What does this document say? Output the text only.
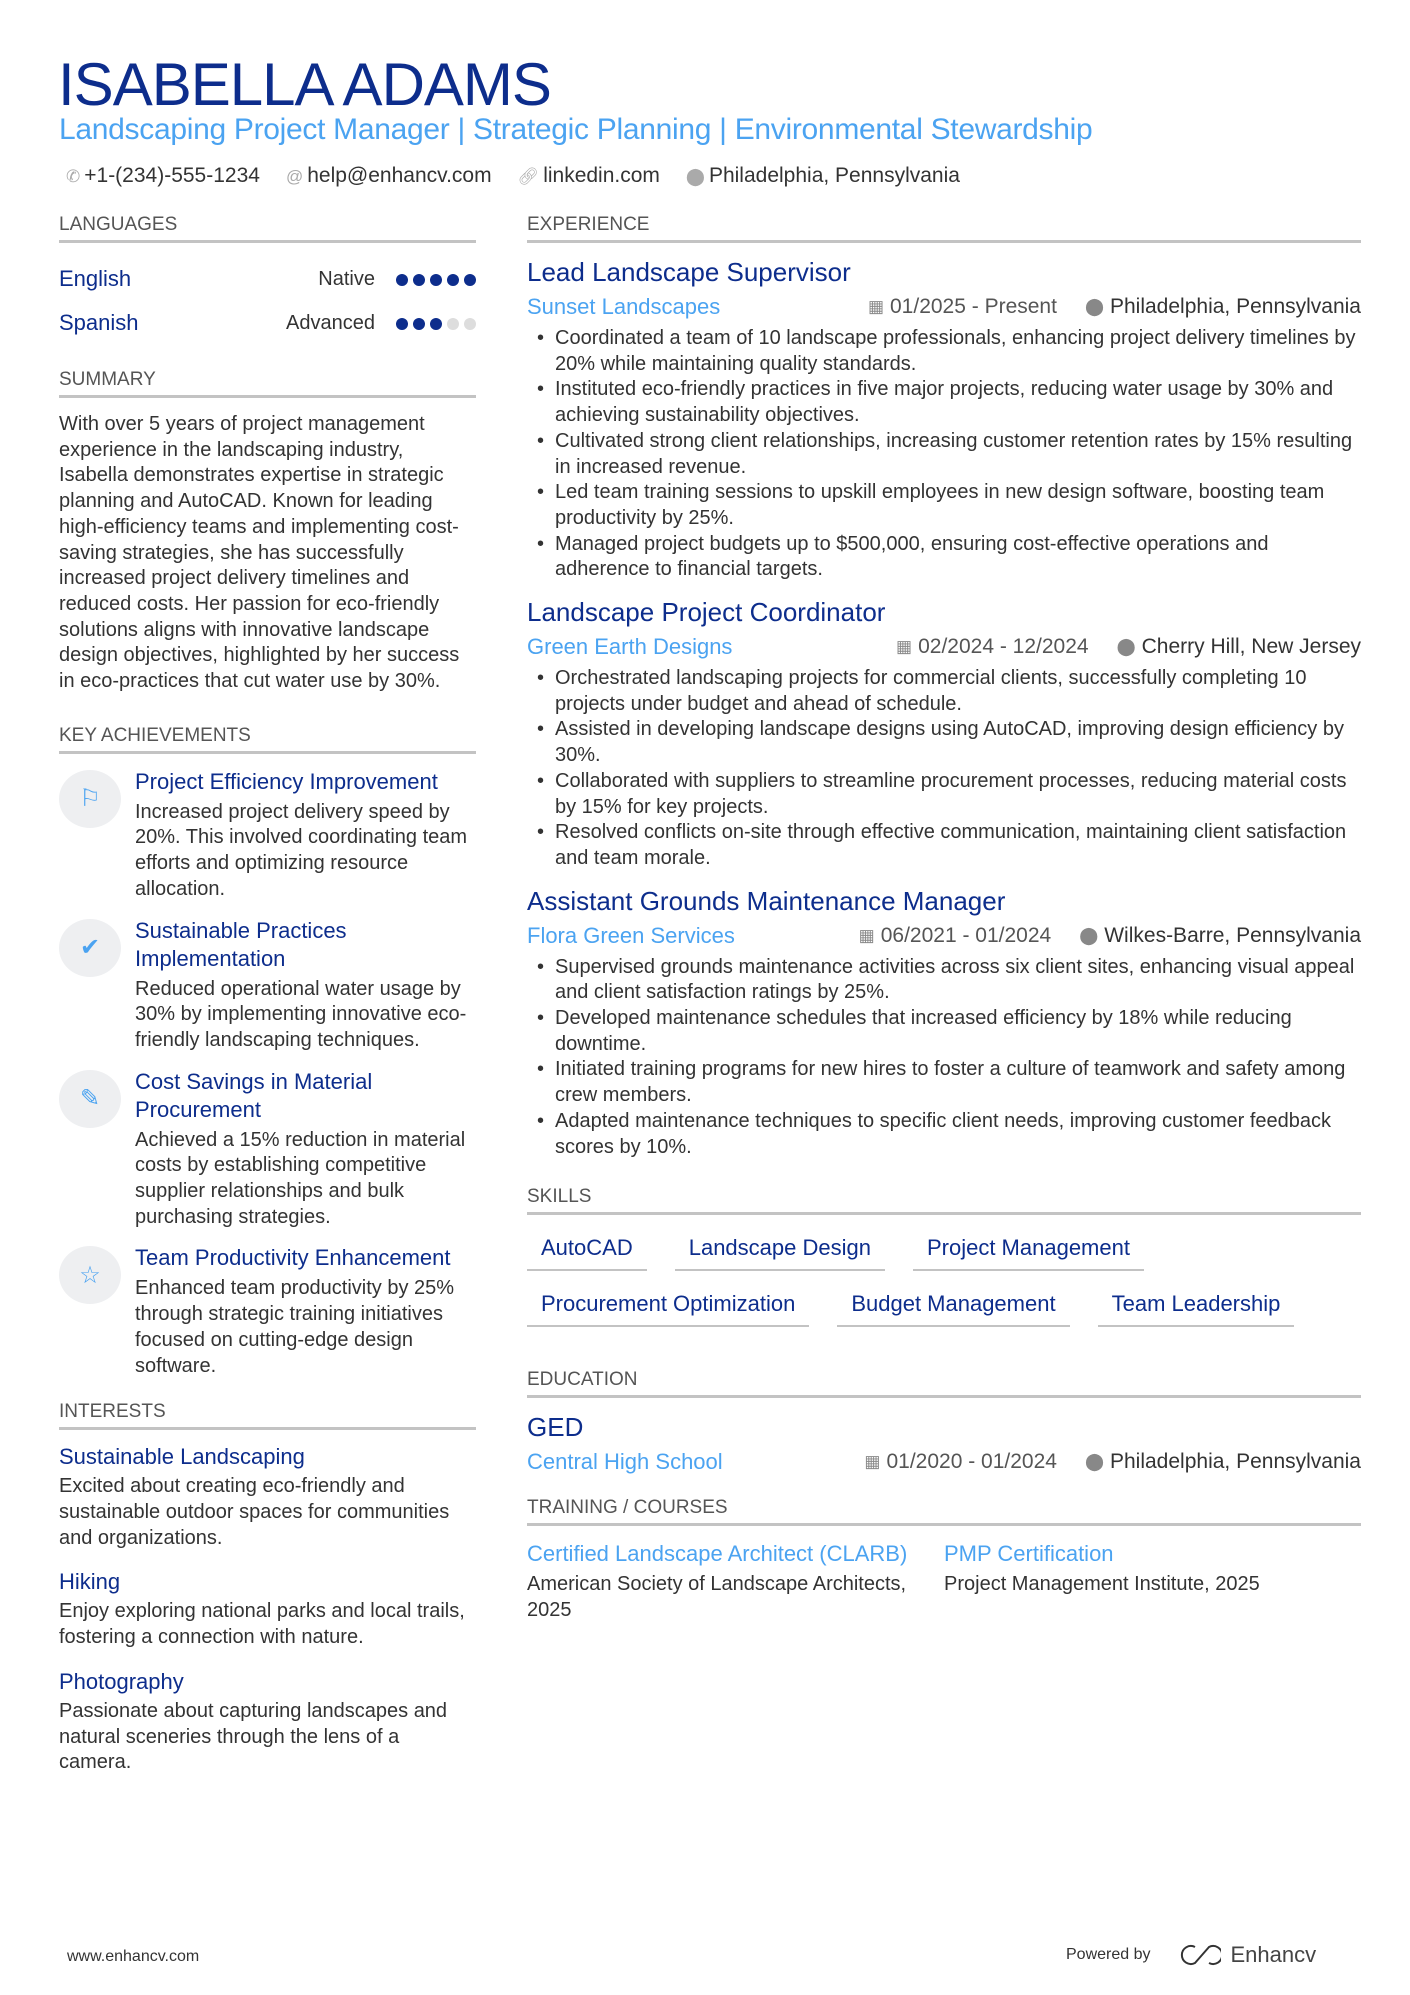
ISABELLA ADAMS
Landscaping Project Manager | Strategic Planning | Environmental Stewardship
✆ +1-(234)-555-1234 @ help@enhancv.com 🔗︎ linkedin.com ⬤ Philadelphia, Pennsylvania
LANGUAGES
English	Native
Spanish	Advanced
SUMMARY

With over 5 years of project management experience in the landscaping industry, Isabella demonstrates expertise in strategic planning and AutoCAD. Known for leading high-efficiency teams and implementing cost-saving strategies, she has successfully increased project delivery timelines and reduced costs. Her passion for eco-friendly solutions aligns with innovative landscape design objectives, highlighted by her success in eco-practices that cut water use by 30%.

KEY ACHIEVEMENTS
⚐
Project Efficiency Improvement
Increased project delivery speed by 20%. This involved coordinating team efforts and optimizing resource allocation.
✔
Sustainable Practices Implementation
Reduced operational water usage by 30% by implementing innovative eco-friendly landscaping techniques.
✎
Cost Savings in Material Procurement
Achieved a 15% reduction in material costs by establishing competitive supplier relationships and bulk purchasing strategies.
☆
Team Productivity Enhancement
Enhanced team productivity by 25% through strategic training initiatives focused on cutting-edge design software.
INTERESTS
Sustainable Landscaping
Excited about creating eco-friendly and sustainable outdoor spaces for communities and organizations.
Hiking
Enjoy exploring national parks and local trails, fostering a connection with nature.
Photography
Passionate about capturing landscapes and natural sceneries through the lens of a camera.
EXPERIENCE
Lead Landscape Supervisor
Sunset Landscapes	▦ 01/2025 - Present ⬤ Philadelphia, Pennsylvania
• Coordinated a team of 10 landscape professionals, enhancing project delivery timelines by 20% while maintaining quality standards.
• Instituted eco-friendly practices in five major projects, reducing water usage by 30% and achieving sustainability objectives.
• Cultivated strong client relationships, increasing customer retention rates by 15% resulting in increased revenue.
• Led team training sessions to upskill employees in new design software, boosting team productivity by 25%.
• Managed project budgets up to $500,000, ensuring cost-effective operations and adherence to financial targets.
Landscape Project Coordinator
Green Earth Designs	▦ 02/2024 - 12/2024 ⬤ Cherry Hill, New Jersey
• Orchestrated landscaping projects for commercial clients, successfully completing 10 projects under budget and ahead of schedule.
• Assisted in developing landscape designs using AutoCAD, improving design efficiency by 30%.
• Collaborated with suppliers to streamline procurement processes, reducing material costs by 15% for key projects.
• Resolved conflicts on-site through effective communication, maintaining client satisfaction and team morale.
Assistant Grounds Maintenance Manager
Flora Green Services	▦ 06/2021 - 01/2024 ⬤ Wilkes-Barre, Pennsylvania
• Supervised grounds maintenance activities across six client sites, enhancing visual appeal and client satisfaction ratings by 25%.
• Developed maintenance schedules that increased efficiency by 18% while reducing downtime.
• Initiated training programs for new hires to foster a culture of teamwork and safety among crew members.
• Adapted maintenance techniques to specific client needs, improving customer feedback scores by 10%.
SKILLS
AutoCAD	Landscape Design	Project Management
Procurement Optimization	Budget Management	Team Leadership
EDUCATION
GED
Central High School	▦ 01/2020 - 01/2024 ⬤ Philadelphia, Pennsylvania
TRAINING / COURSES
Certified Landscape Architect (CLARB)
American Society of Landscape Architects, 2025
PMP Certification
Project Management Institute, 2025
www.enhancv.com	Powered by	Enhancv
